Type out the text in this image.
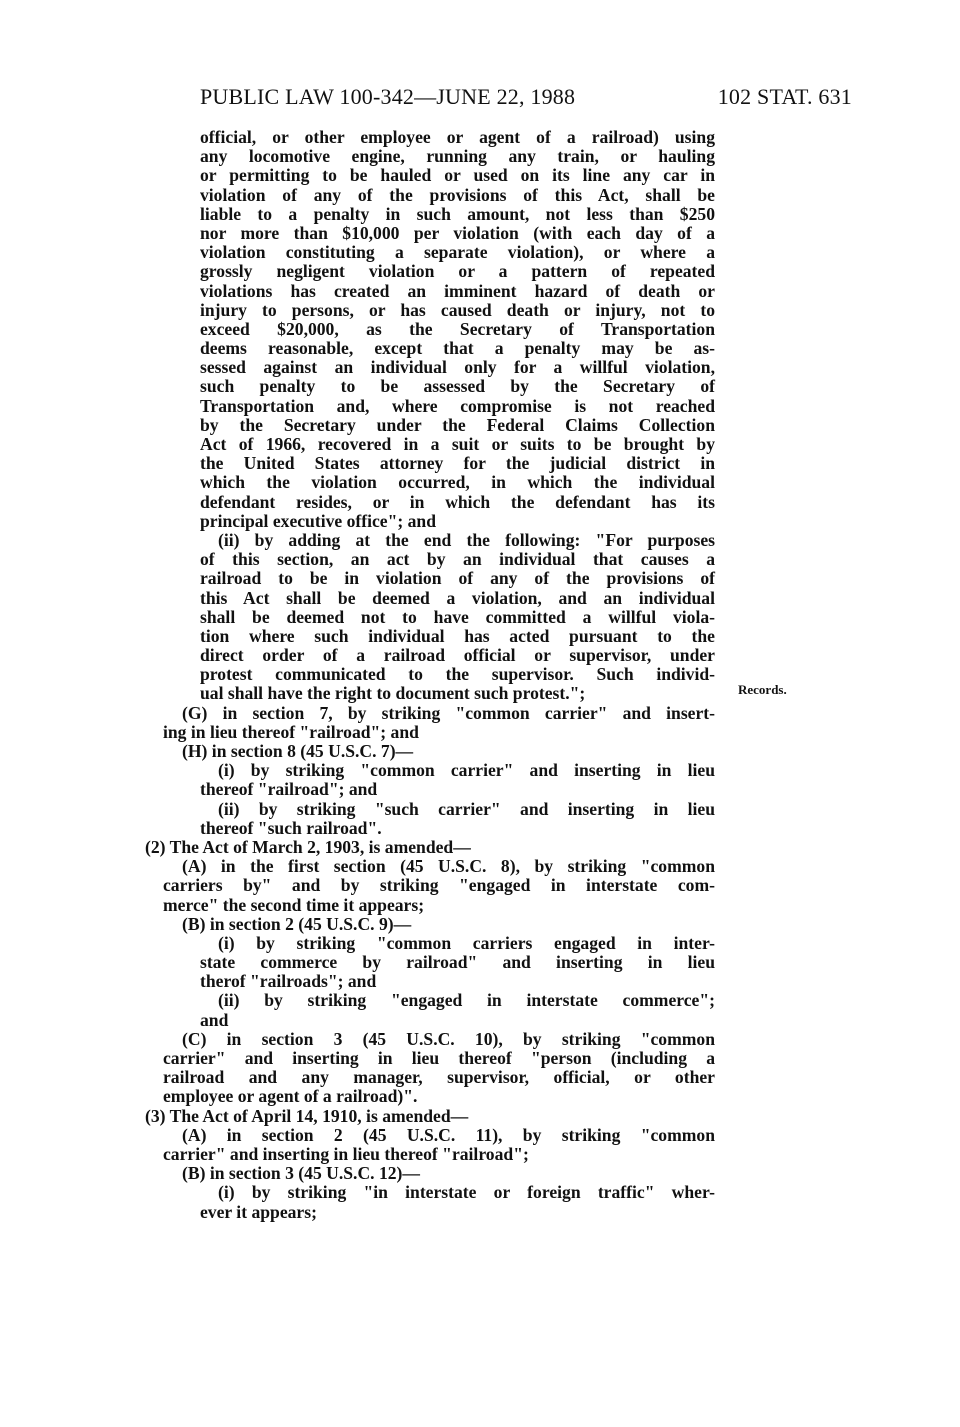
PUBLIC LAW 100-342—JUNE 22, 1988	102 STAT. 631
official, or other employee or agent of a railroad) using
any locomotive engine, running any train, or hauling
or permitting to be hauled or used on its line any car in
violation of any of the provisions of this Act, shall be
liable to a penalty in such amount, not less than $250
nor more than $10,000 per violation (with each day of a
violation constituting a separate violation), or where a
grossly negligent violation or a pattern of repeated
violations has created an imminent hazard of death or
injury to persons, or has caused death or injury, not to
exceed $20,000, as the Secretary of Transportation
deems reasonable, except that a penalty may be as-
sessed against an individual only for a willful violation,
such penalty to be assessed by the Secretary of
Transportation and, where compromise is not reached
by the Secretary under the Federal Claims Collection
Act of 1966, recovered in a suit or suits to be brought by
the United States attorney for the judicial district in
which the violation occurred, in which the individual
defendant resides, or in which the defendant has its
principal executive office"; and
(ii) by adding at the end the following: "For purposes
of this section, an act by an individual that causes a
railroad to be in violation of any of the provisions of
this Act shall be deemed a violation, and an individual
shall be deemed not to have committed a willful viola-
tion where such individual has acted pursuant to the
direct order of a railroad official or supervisor, under
protest communicated to the supervisor. Such individ-
ual shall have the right to document such protest.";
(G) in section 7, by striking "common carrier" and insert-
ing in lieu thereof "railroad"; and
(H) in section 8 (45 U.S.C. 7)—
(i) by striking "common carrier" and inserting in lieu
thereof "railroad"; and
(ii) by striking "such carrier" and inserting in lieu
thereof "such railroad".
(2) The Act of March 2, 1903, is amended—
(A) in the first section (45 U.S.C. 8), by striking "common
carriers by" and by striking "engaged in interstate com-
merce" the second time it appears;
(B) in section 2 (45 U.S.C. 9)—
(i) by striking "common carriers engaged in inter-
state commerce by railroad" and inserting in lieu
therof "railroads"; and
(ii) by striking "engaged in interstate commerce";
and
(C) in section 3 (45 U.S.C. 10), by striking "common
carrier" and inserting in lieu thereof "person (including a
railroad and any manager, supervisor, official, or other
employee or agent of a railroad)".
(3) The Act of April 14, 1910, is amended—
(A) in section 2 (45 U.S.C. 11), by striking "common
carrier" and inserting in lieu thereof "railroad";
(B) in section 3 (45 U.S.C. 12)—
(i) by striking "in interstate or foreign traffic" wher-
ever it appears;
Records.
